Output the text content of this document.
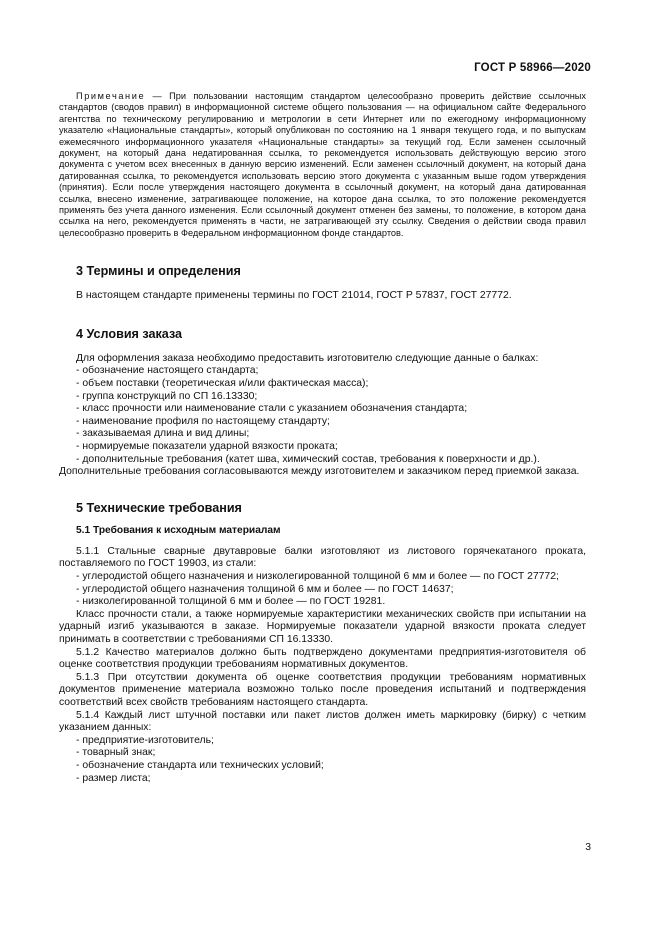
ГОСТ Р 58966—2020

Примечание — При пользовании настоящим стандартом целесообразно проверить действие ссылочных стандартов (сводов правил) в информационной системе общего пользования — на официальном сайте Федерального агентства по техническому регулированию и метрологии в сети Интернет или по ежегодному информационному указателю «Национальные стандарты», который опубликован по состоянию на 1 января текущего года, и по выпускам ежемесячного информационного указателя «Национальные стандарты» за текущий год. Если заменен ссылочный документ, на который дана недатированная ссылка, то рекомендуется использовать действующую версию этого документа с учетом всех внесенных в данную версию изменений. Если заменен ссылочный документ, на который дана датированная ссылка, то рекомендуется использовать версию этого документа с указанным выше годом утверждения (принятия). Если после утверждения настоящего документа в ссылочный документ, на который дана датированная ссылка, внесено изменение, затрагивающее положение, на которое дана ссылка, то это положение рекомендуется применять без учета данного изменения. Если ссылочный документ отменен без замены, то положение, в котором дана ссылка на него, рекомендуется применять в части, не затрагивающей эту ссылку. Сведения о действии свода правил целесообразно проверить в Федеральном информационном фонде стандартов.

3 Термины и определения

В настоящем стандарте применены термины по ГОСТ 21014, ГОСТ Р 57837, ГОСТ 27772.

4 Условия заказа

Для оформления заказа необходимо предоставить изготовителю следующие данные о балках:

- обозначение настоящего стандарта;

- объем поставки (теоретическая и/или фактическая масса);

- группа конструкций по СП 16.13330;

- класс прочности или наименование стали с указанием обозначения стандарта;

- наименование профиля по настоящему стандарту;

- заказываемая длина и вид длины;

- нормируемые показатели ударной вязкости проката;

- дополнительные требования (катет шва, химический состав, требования к поверхности и др.).

Дополнительные требования согласовываются между изготовителем и заказчиком перед приемкой заказа.

5 Технические требования
5.1 Требования к исходным материалам

5.1.1 Стальные сварные двутавровые балки изготовляют из листового горячекатаного проката, поставляемого по ГОСТ 19903, из стали:

- углеродистой общего назначения и низколегированной толщиной 6 мм и более — по ГОСТ 27772;

- углеродистой общего назначения толщиной 6 мм и более — по ГОСТ 14637;

- низколегированной толщиной 6 мм и более — по ГОСТ 19281.

Класс прочности стали, а также нормируемые характеристики механических свойств при испытании на ударный изгиб указываются в заказе. Нормируемые показатели ударной вязкости проката следует принимать в соответствии с требованиями СП 16.13330.

5.1.2 Качество материалов должно быть подтверждено документами предприятия-изготовителя об оценке соответствия продукции требованиям нормативных документов.

5.1.3 При отсутствии документа об оценке соответствия продукции требованиям нормативных документов применение материала возможно только после проведения испытаний и подтверждения соответствий всех свойств требованиям настоящего стандарта.

5.1.4 Каждый лист штучной поставки или пакет листов должен иметь маркировку (бирку) с четким указанием данных:

- предприятие-изготовитель;

- товарный знак;

- обозначение стандарта или технических условий;

- размер листа;

3
